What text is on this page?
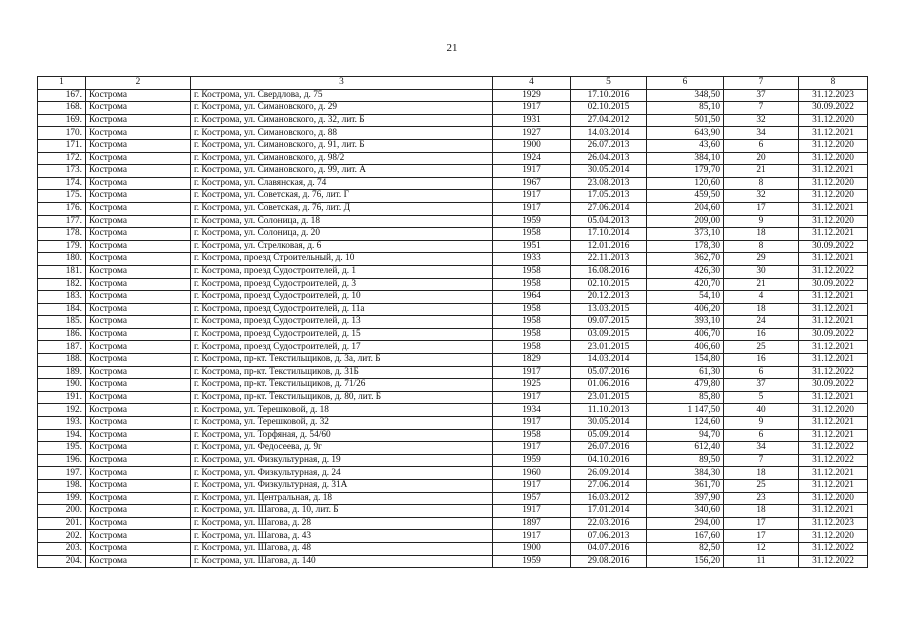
21
1	2	3	4	5	6	7	8
167.	Кострома	г. Кострома, ул. Свердлова, д. 75	1929	17.10.2016	348,50	37	31.12.2023
168.	Кострома	г. Кострома, ул. Симановского, д. 29	1917	02.10.2015	85,10	7	30.09.2022
169.	Кострома	г. Кострома, ул. Симановского, д. 32, лит. Б	1931	27.04.2012	501,50	32	31.12.2020
170.	Кострома	г. Кострома, ул. Симановского, д. 88	1927	14.03.2014	643,90	34	31.12.2021
171.	Кострома	г. Кострома, ул. Симановского, д. 91, лит. Б	1900	26.07.2013	43,60	6	31.12.2020
172.	Кострома	г. Кострома, ул. Симановского, д. 98/2	1924	26.04.2013	384,10	20	31.12.2020
173.	Кострома	г. Кострома, ул. Симановского, д. 99, лит. А	1917	30.05.2014	179,70	21	31.12.2021
174.	Кострома	г. Кострома, ул. Славянская, д. 74	1967	23.08.2013	120,60	8	31.12.2020
175.	Кострома	г. Кострома, ул. Советская, д. 76, лит. Г	1917	17.05.2013	459,50	32	31.12.2020
176.	Кострома	г. Кострома, ул. Советская, д. 76, лит. Д	1917	27.06.2014	204,60	17	31.12.2021
177.	Кострома	г. Кострома, ул. Солоница, д. 18	1959	05.04.2013	209,00	9	31.12.2020
178.	Кострома	г. Кострома, ул. Солоница, д. 20	1958	17.10.2014	373,10	18	31.12.2021
179.	Кострома	г. Кострома, ул. Стрелковая, д. 6	1951	12.01.2016	178,30	8	30.09.2022
180.	Кострома	г. Кострома, проезд Строительный, д. 10	1933	22.11.2013	362,70	29	31.12.2021
181.	Кострома	г. Кострома, проезд Судостроителей, д. 1	1958	16.08.2016	426,30	30	31.12.2022
182.	Кострома	г. Кострома, проезд Судостроителей, д. 3	1958	02.10.2015	420,70	21	30.09.2022
183.	Кострома	г. Кострома, проезд Судостроителей, д. 10	1964	20.12.2013	54,10	4	31.12.2021
184.	Кострома	г. Кострома, проезд Судостроителей, д. 11а	1958	13.03.2015	406,20	18	31.12.2021
185.	Кострома	г. Кострома, проезд Судостроителей, д. 13	1958	09.07.2015	393,10	24	31.12.2021
186.	Кострома	г. Кострома, проезд Судостроителей, д. 15	1958	03.09.2015	406,70	16	30.09.2022
187.	Кострома	г. Кострома, проезд Судостроителей, д. 17	1958	23.01.2015	406,60	25	31.12.2021
188.	Кострома	г. Кострома, пр-кт. Текстильщиков, д. 3а, лит. Б	1829	14.03.2014	154,80	16	31.12.2021
189.	Кострома	г. Кострома, пр-кт. Текстильщиков, д. 31Б	1917	05.07.2016	61,30	6	31.12.2022
190.	Кострома	г. Кострома, пр-кт. Текстильщиков, д. 71/26	1925	01.06.2016	479,80	37	30.09.2022
191.	Кострома	г. Кострома, пр-кт. Текстильщиков, д. 80, лит. Б	1917	23.01.2015	85,80	5	31.12.2021
192.	Кострома	г. Кострома, ул. Терешковой, д. 18	1934	11.10.2013	1 147,50	40	31.12.2020
193.	Кострома	г. Кострома, ул. Терешковой, д. 32	1917	30.05.2014	124,60	9	31.12.2021
194.	Кострома	г. Кострома, ул. Торфяная, д. 54/60	1958	05.09.2014	94,70	6	31.12.2021
195.	Кострома	г. Кострома, ул. Федосеева, д. 9г	1917	26.07.2016	612,40	34	31.12.2022
196.	Кострома	г. Кострома, ул. Физкультурная, д. 19	1959	04.10.2016	89,50	7	31.12.2022
197.	Кострома	г. Кострома, ул. Физкультурная, д. 24	1960	26.09.2014	384,30	18	31.12.2021
198.	Кострома	г. Кострома, ул. Физкультурная, д. 31А	1917	27.06.2014	361,70	25	31.12.2021
199.	Кострома	г. Кострома, ул. Центральная, д. 18	1957	16.03.2012	397,90	23	31.12.2020
200.	Кострома	г. Кострома, ул. Шагова, д. 10, лит. Б	1917	17.01.2014	340,60	18	31.12.2021
201.	Кострома	г. Кострома, ул. Шагова, д. 28	1897	22.03.2016	294,00	17	31.12.2023
202.	Кострома	г. Кострома, ул. Шагова, д. 43	1917	07.06.2013	167,60	17	31.12.2020
203.	Кострома	г. Кострома, ул. Шагова, д. 48	1900	04.07.2016	82,50	12	31.12.2022
204.	Кострома	г. Кострома, ул. Шагова, д. 140	1959	29.08.2016	156,20	11	31.12.2022
